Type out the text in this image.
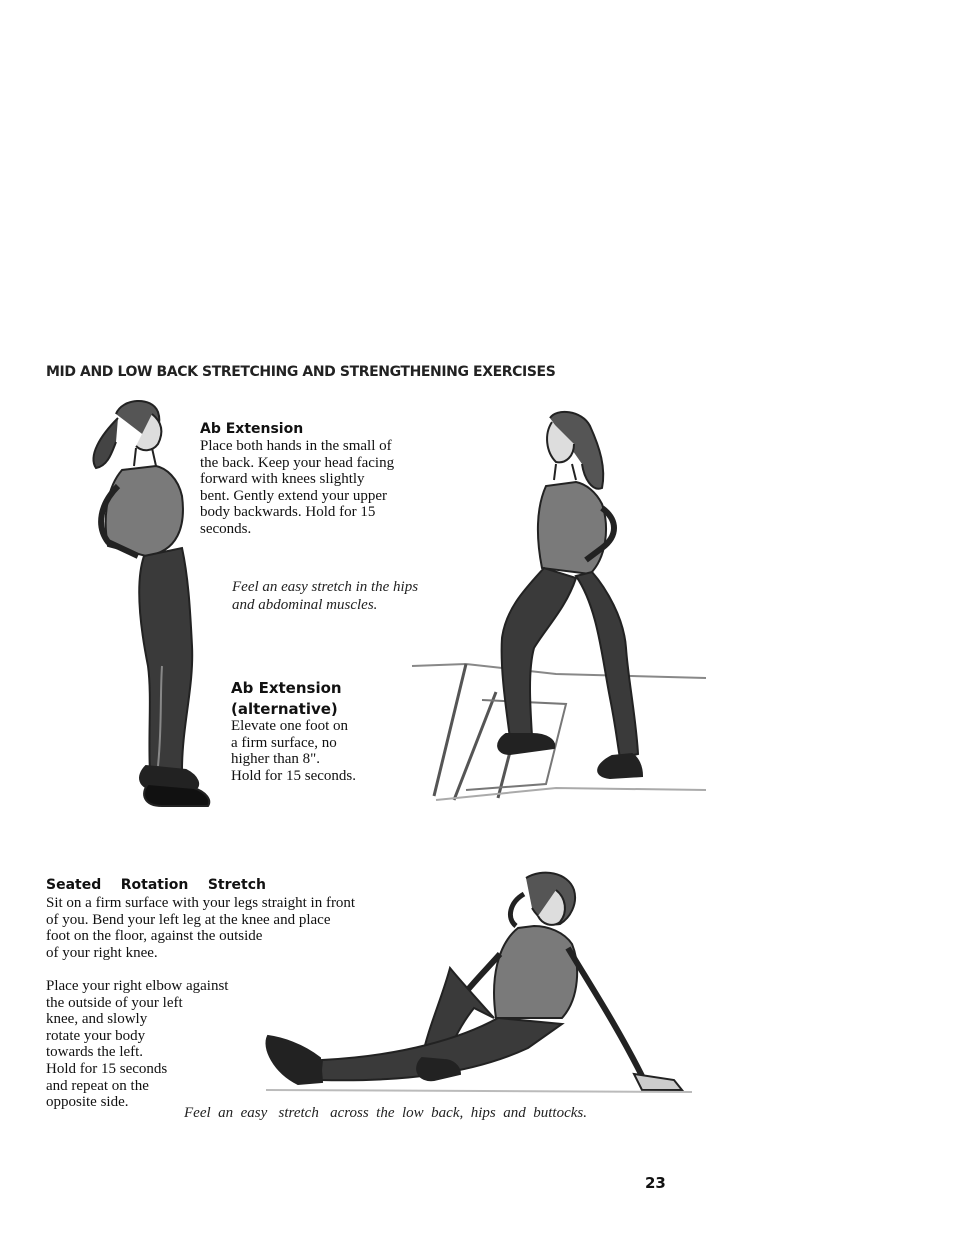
MID AND LOW BACK STRETCHING AND STRENGTHENING EXERCISES
Ab Extension
Place both hands in the small of
the back. Keep your head facing
forward with knees slightly
bent. Gently extend your upper
body backwards. Hold for 15
seconds.
Feel an easy stretch in the hips
and abdominal muscles.
Ab Extension
(alternative)
Elevate one foot on
a firm surface, no
higher than 8".
Hold for 15 seconds.
Seated    Rotation    Stretch
Sit on a firm surface with your legs straight in front
of you. Bend your left leg at the knee and place
foot on the floor, against the outside
of your right knee.
Place your right elbow against
the outside of your left
knee, and slowly
rotate your body
towards the left.
Hold for 15 seconds
and repeat on the
opposite side.
Feel  an  easy   stretch   across  the  low  back,  hips  and  buttocks.
23
